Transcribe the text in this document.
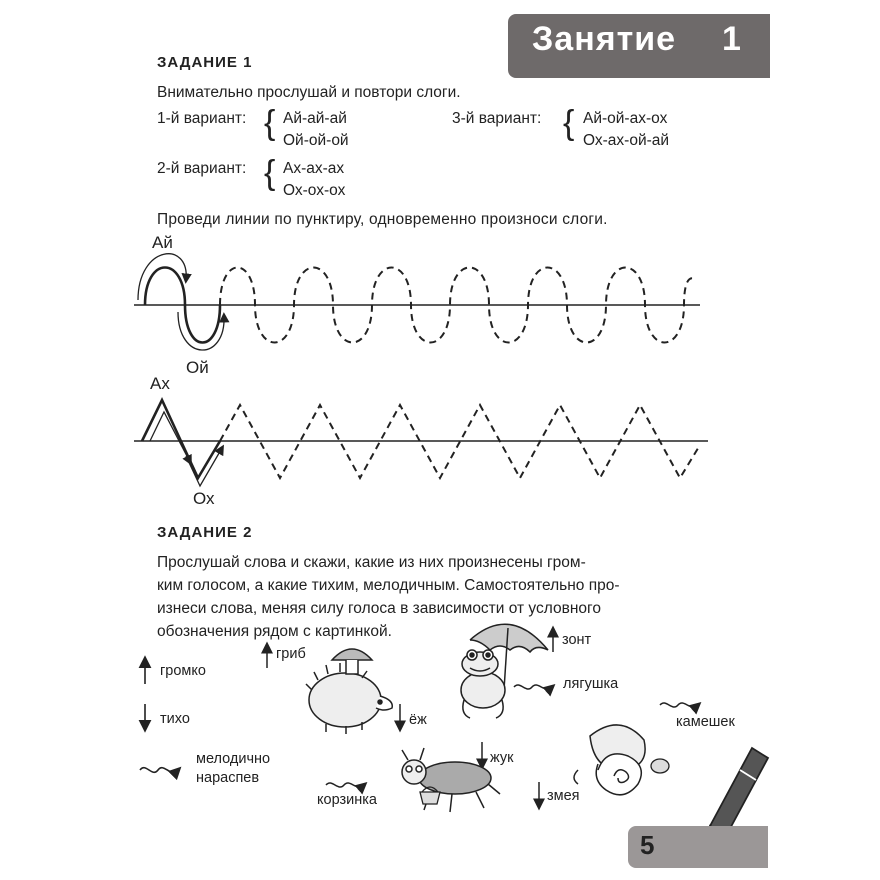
Занятие 1
ЗАДАНИЕ 1
Внимательно прослушай и повтори слоги.
1-й вариант: { Ай-ай-ай
Ой-ой-ой
2-й вариант: { Ах-ах-ах
Ох-ох-ох
3-й вариант: { Ай-ой-ах-ох
Ох-ах-ой-ай
Проведи линии по пунктиру, одновременно произноси слоги.
Ай
Ой
Ах
Ох
ЗАДАНИЕ 2
Прослушай слова и скажи, какие из них произнесены гром-
ким голосом, а какие тихим, мелодичным. Самостоятельно про-
изнеси слова, меняя силу голоса в зависимости от условного
обозначения рядом с картинкой.
громко
тихо
мелодично
нараспев
гриб
ёж
зонт
лягушка
камешек
жук
змея
корзинка
5
